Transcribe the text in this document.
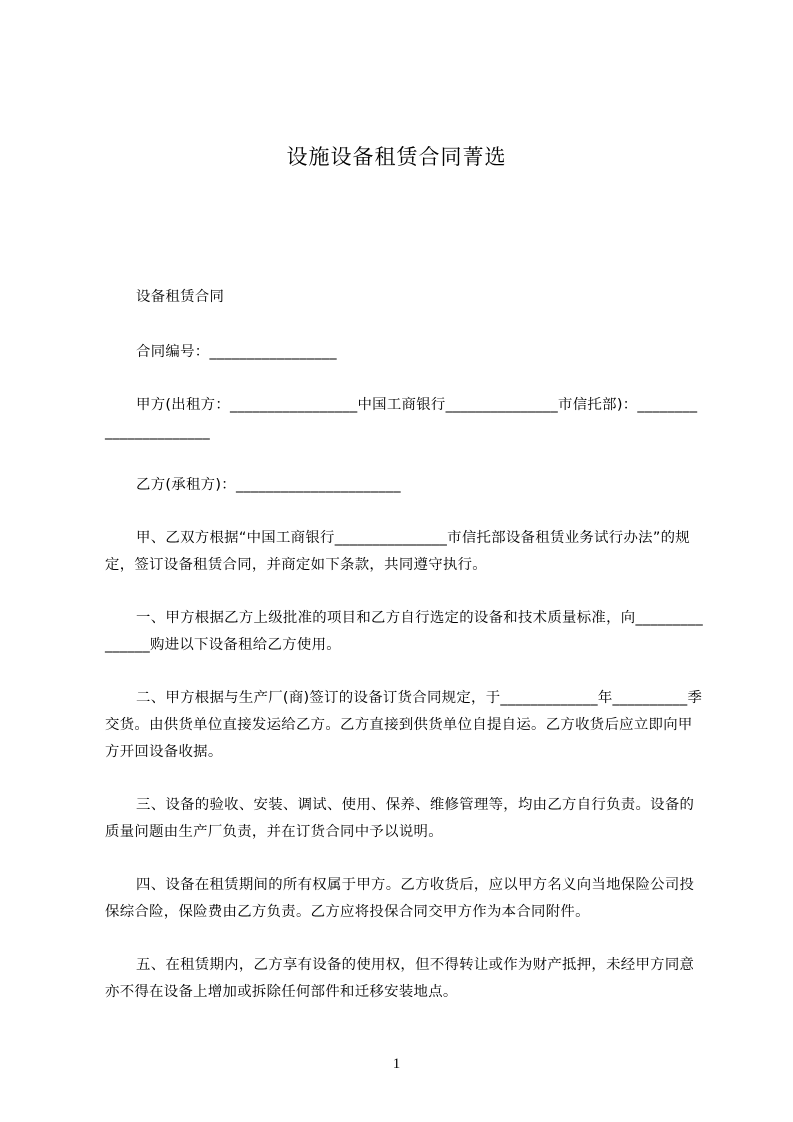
设施设备租赁合同菁选

设备租赁合同

合同编号：_________________

甲方(出租方：_________________中国工商银行_______________市信托部)：______________________

乙方(承租方)：______________________

甲、乙双方根据“中国工商银行_______________市信托部设备租赁业务试行办法”的规定，签订设备租赁合同，并商定如下条款，共同遵守执行。

一、甲方根据乙方上级批准的项目和乙方自行选定的设备和技术质量标准，向_______________购进以下设备租给乙方使用。

二、甲方根据与生产厂(商)签订的设备订货合同规定，于_____________年__________季交货。由供货单位直接发运给乙方。乙方直接到供货单位自提自运。乙方收货后应立即向甲方开回设备收据。

三、设备的验收、安装、调试、使用、保养、维修管理等，均由乙方自行负责。设备的质量问题由生产厂负责，并在订货合同中予以说明。

四、设备在租赁期间的所有权属于甲方。乙方收货后，应以甲方名义向当地保险公司投保综合险，保险费由乙方负责。乙方应将投保合同交甲方作为本合同附件。

五、在租赁期内，乙方享有设备的使用权，但不得转让或作为财产抵押，未经甲方同意亦不得在设备上增加或拆除任何部件和迁移安装地点。

1
